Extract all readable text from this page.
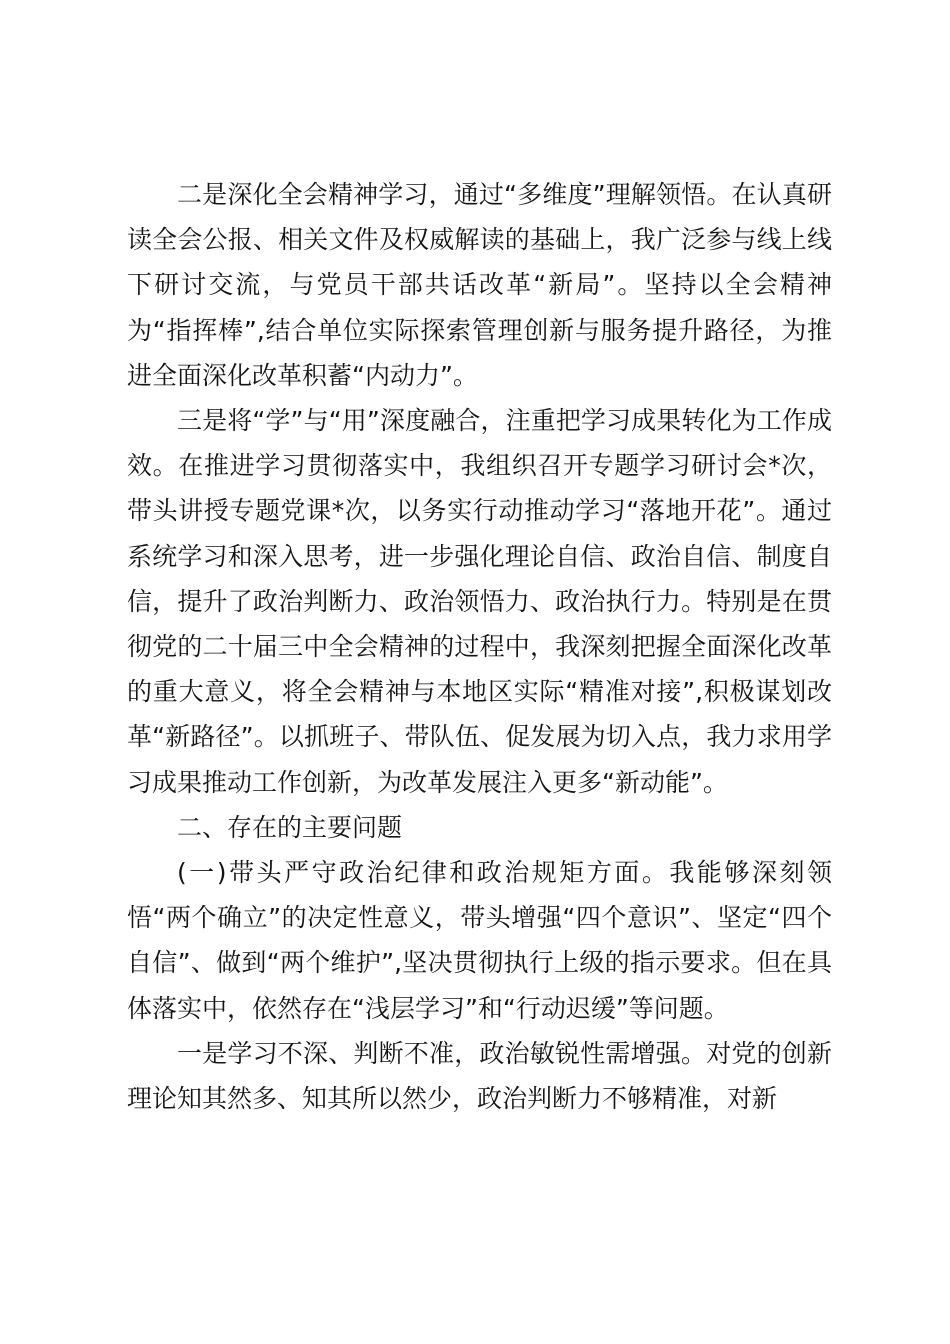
二是深化全会精神学习，通过“多维度”理解领悟。在认真研读全会公报、相关文件及权威解读的基础上，我广泛参与线上线下研讨交流，与党员干部共话改革“新局”。坚持以全会精神为“指挥棒”,结合单位实际探索管理创新与服务提升路径，为推进全面深化改革积蓄“内动力”。

三是将“学”与“用”深度融合，注重把学习成果转化为工作成效。在推进学习贯彻落实中，我组织召开专题学习研讨会*次，带头讲授专题党课*次，以务实行动推动学习“落地开花”。通过系统学习和深入思考，进一步强化理论自信、政治自信、制度自信，提升了政治判断力、政治领悟力、政治执行力。特别是在贯彻党的二十届三中全会精神的过程中，我深刻把握全面深化改革的重大意义，将全会精神与本地区实际“精准对接”,积极谋划改革“新路径”。以抓班子、带队伍、促发展为切入点，我力求用学习成果推动工作创新，为改革发展注入更多“新动能”。

二、存在的主要问题

(一)带头严守政治纪律和政治规矩方面。我能够深刻领悟“两个确立”的决定性意义，带头增强“四个意识”、坚定“四个自信”、做到“两个维护”,坚决贯彻执行上级的指示要求。但在具体落实中，依然存在“浅层学习”和“行动迟缓”等问题。

一是学习不深、判断不准，政治敏锐性需增强。对党的创新理论知其然多、知其所以然少，政治判断力不够精准，对新
